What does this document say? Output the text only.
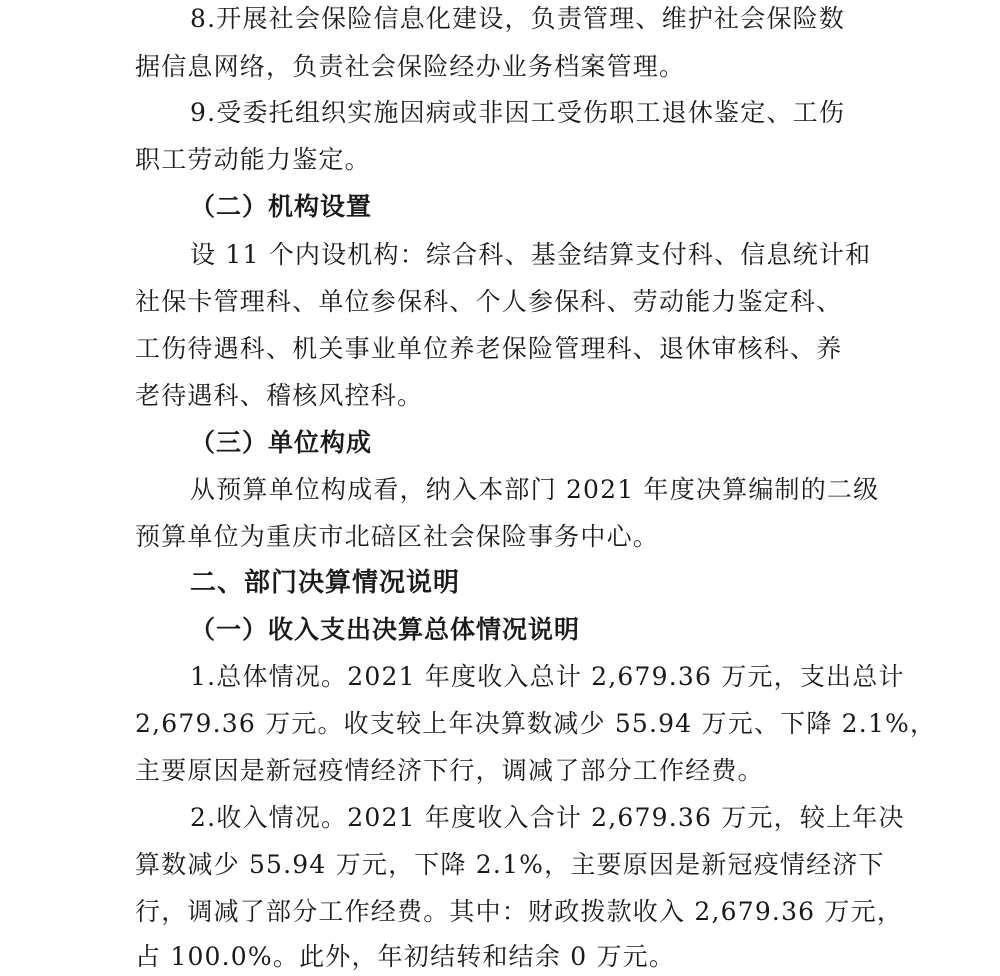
8.开展社会保险信息化建设，负责管理、维护社会保险数
据信息网络，负责社会保险经办业务档案管理。
9.受委托组织实施因病或非因工受伤职工退休鉴定、工伤
职工劳动能力鉴定。
（二）机构设置
设 11 个内设机构：综合科、基金结算支付科、信息统计和
社保卡管理科、单位参保科、个人参保科、劳动能力鉴定科、
工伤待遇科、机关事业单位养老保险管理科、退休审核科、养
老待遇科、稽核风控科。
（三）单位构成
从预算单位构成看，纳入本部门 2021 年度决算编制的二级
预算单位为重庆市北碚区社会保险事务中心。
二、部门决算情况说明
（一）收入支出决算总体情况说明
1.总体情况。2021 年度收入总计 2,679.36 万元，支出总计
2,679.36 万元。收支较上年决算数减少 55.94 万元、下降 2.1%，
主要原因是新冠疫情经济下行，调减了部分工作经费。
2.收入情况。2021 年度收入合计 2,679.36 万元，较上年决
算数减少 55.94 万元，下降 2.1%，主要原因是新冠疫情经济下
行，调减了部分工作经费。其中：财政拨款收入 2,679.36 万元，
占 100.0%。此外，年初结转和结余 0 万元。
